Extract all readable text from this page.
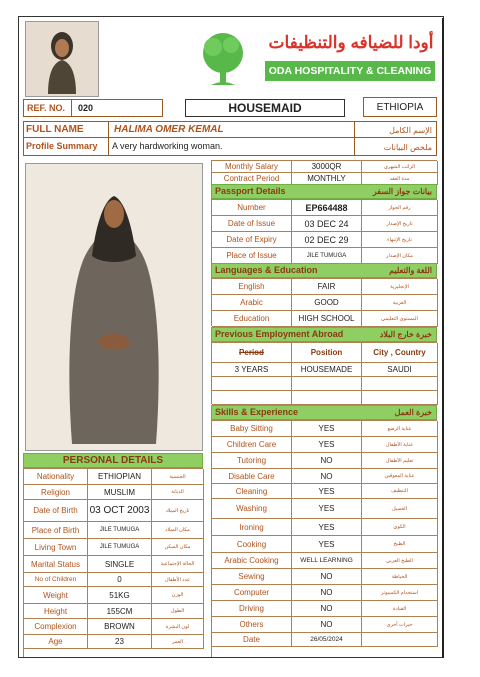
أودا للضيافه والتنظيفات
ODA HOSPITALITY & CLEANING
REF. NO.	020	HOUSEMAID	ETHIOPIA
FULL NAME	HALIMA OMER KEMAL	الإسم الكامل
Profile Summary A very hardworking woman.	ملخص البيانات
Monthly Salary	3000QR	الراتب الشهري
Contract Period	MONTHLY	مدة العقد
Passport Details	بيانات جواز السفر
Number	EP664488	رقم الجواز
Date of Issue	03 DEC 24	تاريخ الإصدار
Date of Expiry	02 DEC 29	تاريخ الإنتهاء
Place of Issue	JILE TUMUGA	مكان الإصدار
Languages & Education	اللغة والتعليم
English	FAIR	الإنجليزية
Arabic	GOOD	العربية
Education	HIGH SCHOOL	المستوى التعليمي
Previous Employment Abroad	خبرة خارج البلاد
Period	Position	City , Country
3 YEARS	HOUSEMADE	SAUDI
Skills & Experience	خبرة العمل
Baby Sitting	YES	عناية الرضع
Children Care	YES	عناية الأطفال
Tutoring	NO	تعليم الأطفال
Disable Care	NO	عناية المعوقين
Cleaning	YES	التنظيف
Washing	YES	الغسيل
Ironing	YES	الكوي
Cooking	YES	الطبخ
Arabic Cooking	WELL LEARNING	الطبخ العربي
Sewing	NO	الخياطة
Computer	NO	استخدام الكمبيوتر
Driving	NO	القيادة
Others	NO	خبرات أخرى
Date	26/05/2024
PERSONAL DETAILS
Nationality	ETHIOPIAN	الجنسية
Religion	MUSLIM	الديانة
Date of Birth	03 OCT 2003	تاريخ الميلاد
Place of Birth	JILE TUMUGA	مكان الميلاد
Living Town	JILE TUMUGA	مكان السكن
Marital Status	SINGLE	الحالة الإجتماعية
No of Children	0	عدد الأطفال
Weight	51KG	الوزن
Height	155CM	الطول
Complexion	BROWN	لون البشرة
Age	23	العمر
